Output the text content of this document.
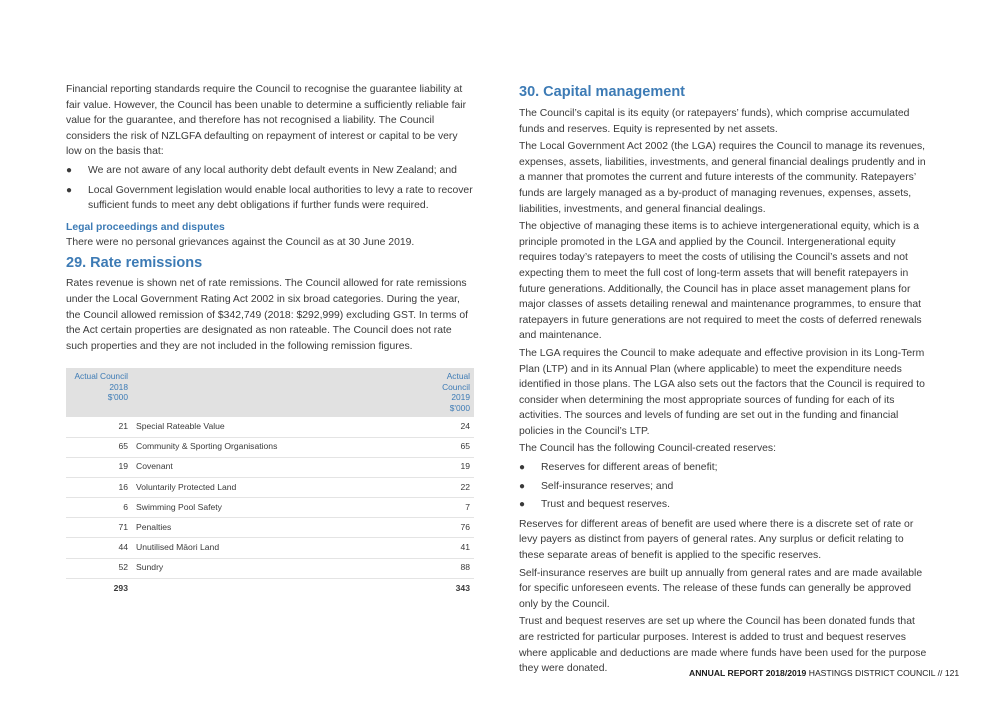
Financial reporting standards require the Council to recognise the guarantee liability at fair value. However, the Council has been unable to determine a sufficiently reliable fair value for the guarantee, and therefore has not recognised a liability. The Council considers the risk of NZLGFA defaulting on repayment of interest or capital to be very low on the basis that:

● We are not aware of any local authority debt default events in New Zealand; and
● Local Government legislation would enable local authorities to levy a rate to recover sufficient funds to meet any debt obligations if further funds were required.
Legal proceedings and disputes

There were no personal grievances against the Council as at 30 June 2019.

29. Rate remissions

Rates revenue is shown net of rate remissions. The Council allowed for rate remissions under the Local Government Rating Act 2002 in six broad categories. During the year, the Council allowed remission of $342,749 (2018: $292,999) excluding GST. In terms of the Act certain properties are designated as non rateable. The Council does not rate such properties and they are not included in the following remission figures.

Actual Council
2018
$'000		Actual Council
2019
$'000
21	Special Rateable Value	24
65	Community & Sporting Organisations	65
19	Covenant	19
16	Voluntarily Protected Land	22
6	Swimming Pool Safety	7
71	Penalties	76
44	Unutilised Māori Land	41
52	Sundry	88
293		343
30. Capital management

The Council’s capital is its equity (or ratepayers’ funds), which comprise accumulated funds and reserves. Equity is represented by net assets.

The Local Government Act 2002 (the LGA) requires the Council to manage its revenues, expenses, assets, liabilities, investments, and general financial dealings prudently and in a manner that promotes the current and future interests of the community. Ratepayers’ funds are largely managed as a by-product of managing revenues, expenses, assets, liabilities, investments, and general financial dealings.

The objective of managing these items is to achieve intergenerational equity, which is a principle promoted in the LGA and applied by the Council. Intergenerational equity requires today’s ratepayers to meet the costs of utilising the Council’s assets and not expecting them to meet the full cost of long-term assets that will benefit ratepayers in future generations. Additionally, the Council has in place asset management plans for major classes of assets detailing renewal and maintenance programmes, to ensure that ratepayers in future generations are not required to meet the costs of deferred renewals and maintenance.

The LGA requires the Council to make adequate and effective provision in its Long-Term Plan (LTP) and in its Annual Plan (where applicable) to meet the expenditure needs identified in those plans. The LGA also sets out the factors that the Council is required to consider when determining the most appropriate sources of funding for each of its activities. The sources and levels of funding are set out in the funding and financial policies in the Council’s LTP.

The Council has the following Council-created reserves:

● Reserves for different areas of benefit;
● Self-insurance reserves; and
● Trust and bequest reserves.

Reserves for different areas of benefit are used where there is a discrete set of rate or levy payers as distinct from payers of general rates. Any surplus or deficit relating to these separate areas of benefit is applied to the specific reserves.

Self-insurance reserves are built up annually from general rates and are made available for specific unforeseen events. The release of these funds can generally be approved only by the Council.

Trust and bequest reserves are set up where the Council has been donated funds that are restricted for particular purposes. Interest is added to trust and bequest reserves where applicable and deductions are made where funds have been used for the purpose they were donated.	ANNUAL REPORT 2018/2019 HASTINGS DISTRICT COUNCIL // 121
